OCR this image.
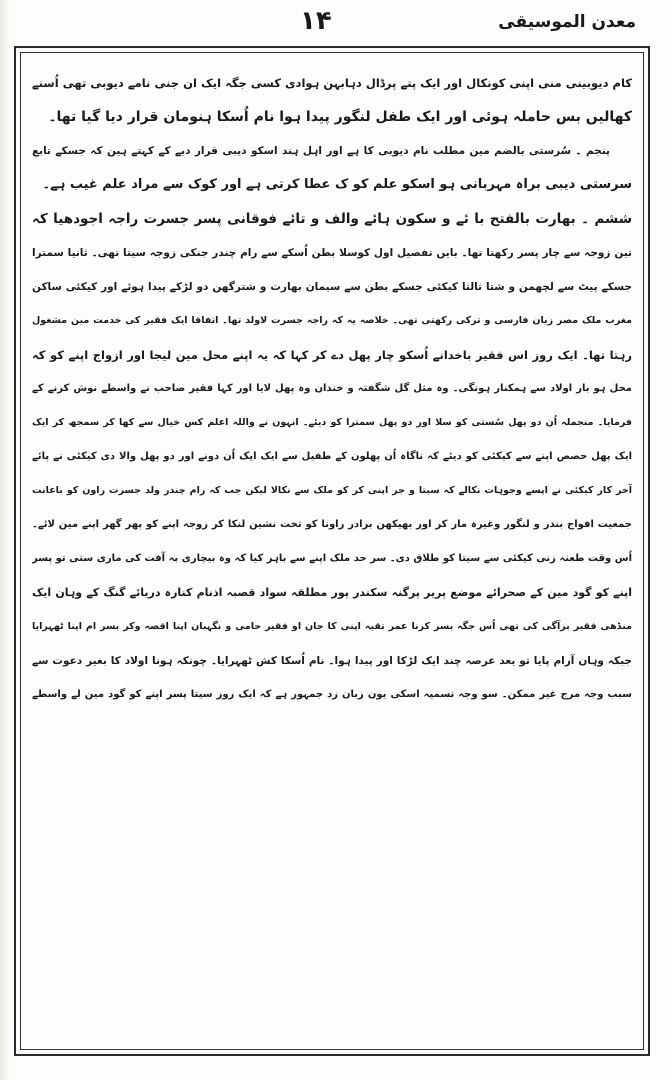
۱۴	معدن الموسیقی
کام دیوبینی منی اپنی کونکال اور ایک پتے پرڈال دہابہن ہوادی کسی جگہ ایک ان جنی نامے دیوبی تھی اُسنے
کھالیں بس حاملہ ہوئی اور ایک طفل لنگور پیدا ہوا نام اُسکا ہنومان قرار دیا گیا تھا۔
پنجم ۔ سُرستی بالضم مین مطلب نام دیوبی کا ہے اور اہل ہند اسکو دیبی قرار دیے کے کہتے ہین کہ جسکے تابع
سرستی دیبی براہ مہربانی ہو اسکو علم کو ک عطا کرتی ہے اور کوک سے مراد علم غیب ہے۔
ششم ۔ بھارت بالفتح با ئے و سکون ہائے والف و تائے فوقانی پسر جسرت راجہ اجودھیا کہ
تین زوجہ سے چار پسر رکھتا تھا۔ بایں تفصیل اول کوسلا بطن اُسکے سے رام چندر جنکی زوجہ سیتا تھی۔ ثانیا سمترا
جسکے پیٹ سے لچھمن و شتا ثالثا کیکئی جسکے بطن سے سیمان بھارت و شترگھن دو لڑکے پیدا ہوئے اور کیکئی ساکن
مغرب ملک مصر زبان فارسی و ترکی رکھتی تھی۔ خلاصہ یہ کہ راجہ جسرت لاولد تھا۔ اتفاقا ایک فقیر کی خدمت مین مشغول
رہتا تھا۔ ایک روز اس فقیر باخدانے اُسکو چار پھل دے کر کہا کہ یہ اپنے محل مین لیجا اور ازواج اپنے کو کہ
محل ہو بار اولاد سے ہمکنار ہونگی۔ وہ مثل گل شگفتہ و خندان وہ پھل لایا اور کہا فقیر صاحب نے واسطے نوش کرنے کے
فرمایا۔ منجملہ اُن دو پھل سُستی کو سلا اور دو پھل سمترا کو دیئے۔ انہون نے واللہ اعلم کس خیال سے کھا کر سمجھ کر ایک
ایک پھل حصص اپنے سے کیکئی کو دیئے کہ ناگاہ اُن پھلون کے طفیل سے ایک ایک اُن دونے اور دو پھل والا دی کیکئی نے پائے
آخر کار کیکئی نے اپسے وجوہات نکالے کہ سیتا و جر اپنی کر کو ملک سے نکالا لیکن جب کہ رام چندر ولد جسرت راون کو باعانت
جمعیت افواج بندر و لنگور وغیرہ مار کر اور بھیکھن برادر راونا کو تخت نشین لنکا کر زوجہ اپنے کو پھر گھر اپنے مین لائے۔
اُس وقت طعنہ زنی کیکئی سے سیتا کو طلاق دی۔ سر حد ملک اپنے سے باہر کیا کہ وہ بیچاری بہ آفت کی ماری ستی تو پسر
اپنے کو گود مین کے صحرائے موضع پریر پرگنہ سکندر پور مطلقہ سواد قصبہ اذنام کنارہ دریائے گنگ کے وہان ایک
منڈھی فقیر برآگی کی تھی اُس جگہ بسر کرنا عمر تقیہ اپنی کا جان او فقیر حامی و نگہبان اپنا اقصہ وکر بسر ام اپنا ٹھہرایا
جبکہ وہان آرام پایا تو بعد عرصہ چند ایک لڑکا اور پیدا ہوا۔ نام اُسکا کش ٹھہرایا۔ چونکہ ہونا اولاد کا بغیر دعوت سے
سبب وجہ مرج غیر ممکن۔ سو وجہ تسمیہ اسکی یون زبان زد جمہور ہے کہ ایک روز سیتا پسر اپنے کو گود مین لے واسطے
